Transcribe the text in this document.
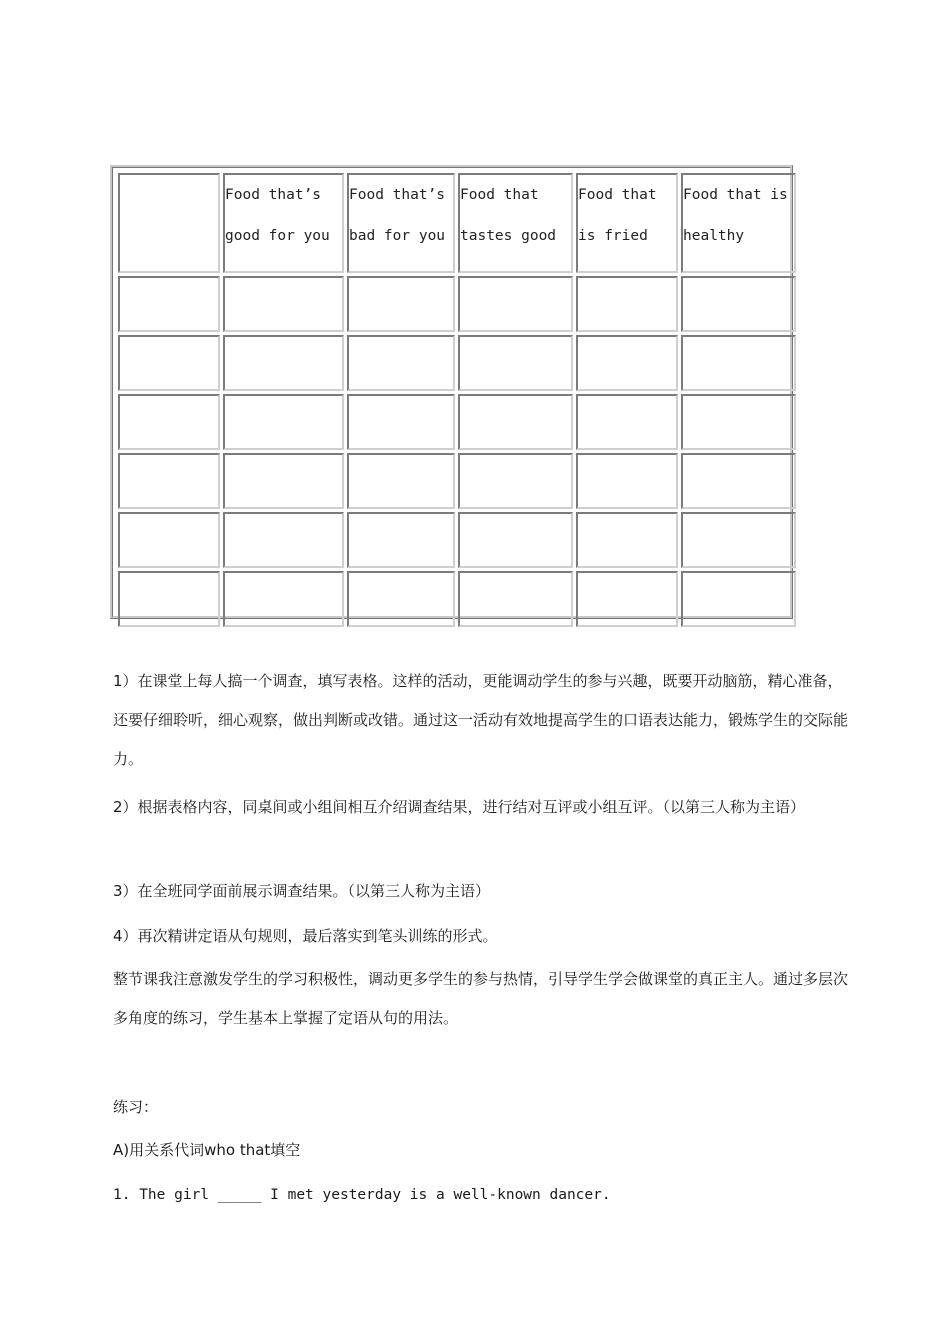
	Food that’s good for you	Food that’s bad for you	Food that tastes good	Food that is fried	Food that is healthy

1）在课堂上每人搞一个调查，填写表格。这样的活动，更能调动学生的参与兴趣，既要开动脑筋，精心准备，还要仔细聆听，细心观察，做出判断或改错。通过这一活动有效地提高学生的口语表达能力，锻炼学生的交际能力。

2）根据表格内容，同桌间或小组间相互介绍调查结果，进行结对互评或小组互评。（以第三人称为主语）

3）在全班同学面前展示调查结果。（以第三人称为主语）

4）再次精讲定语从句规则，最后落实到笔头训练的形式。

整节课我注意激发学生的学习积极性，调动更多学生的参与热情，引导学生学会做课堂的真正主人。通过多层次多角度的练习，学生基本上掌握了定语从句的用法。

练习：

A)用关系代词who that填空

1. The girl _____ I met yesterday is a well-known dancer.
